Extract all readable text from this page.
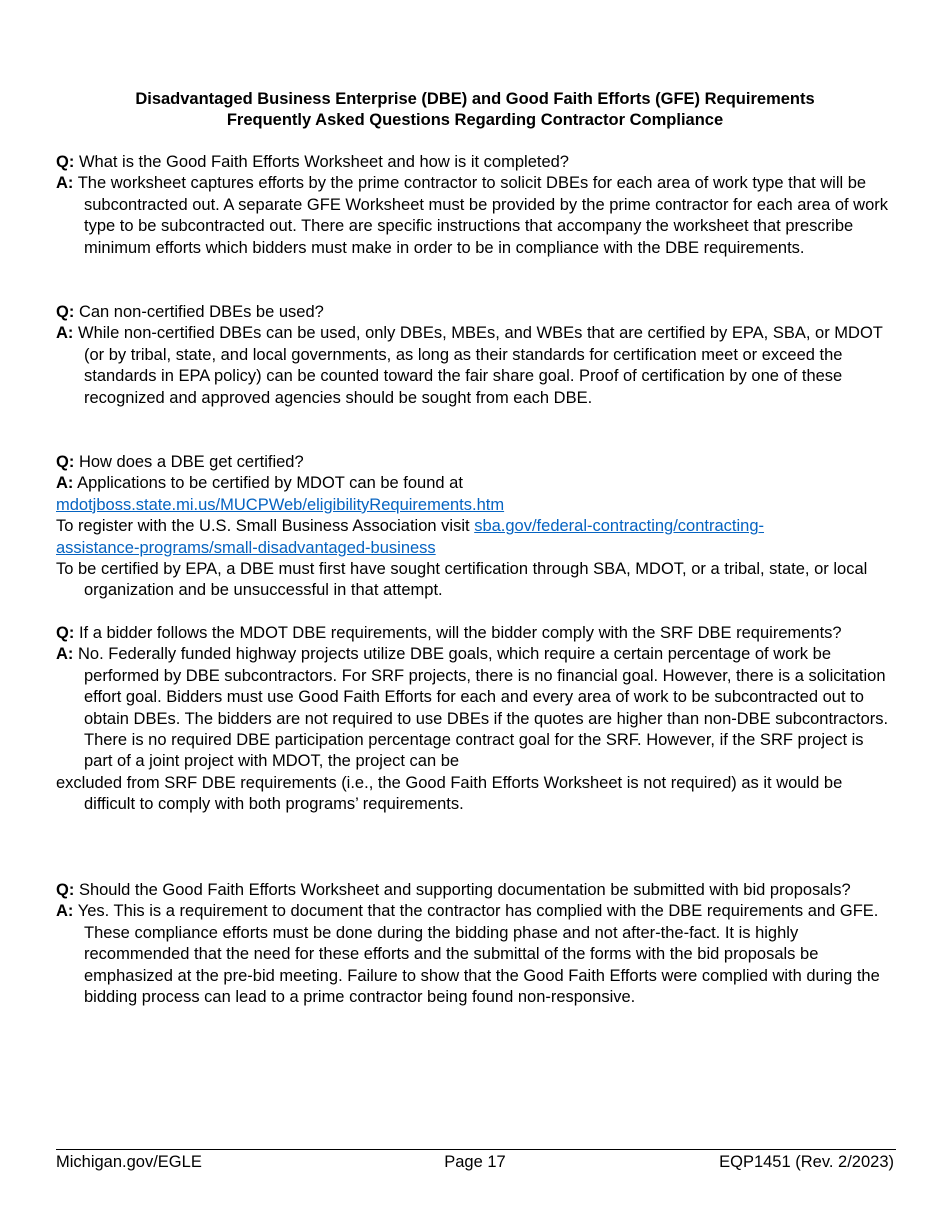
Disadvantaged Business Enterprise (DBE) and Good Faith Efforts (GFE) Requirements
Frequently Asked Questions Regarding Contractor Compliance

Q: What is the Good Faith Efforts Worksheet and how is it completed?

A: The worksheet captures efforts by the prime contractor to solicit DBEs for each area of work type that will be subcontracted out. A separate GFE Worksheet must be provided by the prime contractor for each area of work type to be subcontracted out. There are specific instructions that accompany the worksheet that prescribe minimum efforts which bidders must make in order to be in compliance with the DBE requirements.

Q: Can non-certified DBEs be used?

A: While non-certified DBEs can be used, only DBEs, MBEs, and WBEs that are certified by EPA, SBA, or MDOT (or by tribal, state, and local governments, as long as their standards for certification meet or exceed the standards in EPA policy) can be counted toward the fair share goal. Proof of certification by one of these recognized and approved agencies should be sought from each DBE.

Q: How does a DBE get certified?

A: Applications to be certified by MDOT can be found at
mdotjboss.state.mi.us/MUCPWeb/eligibilityRequirements.htm
To register with the U.S. Small Business Association visit sba.gov/federal-contracting/contracting-
assistance-programs/small-disadvantaged-business
To be certified by EPA, a DBE must first have sought certification through SBA, MDOT, or a tribal, state, or local organization and be unsuccessful in that attempt.

Q: If a bidder follows the MDOT DBE requirements, will the bidder comply with the SRF DBE requirements?

A: No. Federally funded highway projects utilize DBE goals, which require a certain percentage of work be performed by DBE subcontractors. For SRF projects, there is no financial goal. However, there is a solicitation effort goal. Bidders must use Good Faith Efforts for each and every area of work to be subcontracted out to obtain DBEs. The bidders are not required to use DBEs if the quotes are higher than non-DBE subcontractors. There is no required DBE participation percentage contract goal for the SRF. However, if the SRF project is part of a joint project with MDOT, the project can be
excluded from SRF DBE requirements (i.e., the Good Faith Efforts Worksheet is not required) as it would be difficult to comply with both programs’ requirements.

Q: Should the Good Faith Efforts Worksheet and supporting documentation be submitted with bid proposals?

A: Yes. This is a requirement to document that the contractor has complied with the DBE requirements and GFE. These compliance efforts must be done during the bidding phase and not after-the-fact. It is highly recommended that the need for these efforts and the submittal of the forms with the bid proposals be emphasized at the pre-bid meeting. Failure to show that the Good Faith Efforts were complied with during the bidding process can lead to a prime contractor being found non-responsive.

Michigan.gov/EGLE	Page 17	EQP1451 (Rev. 2/2023)
